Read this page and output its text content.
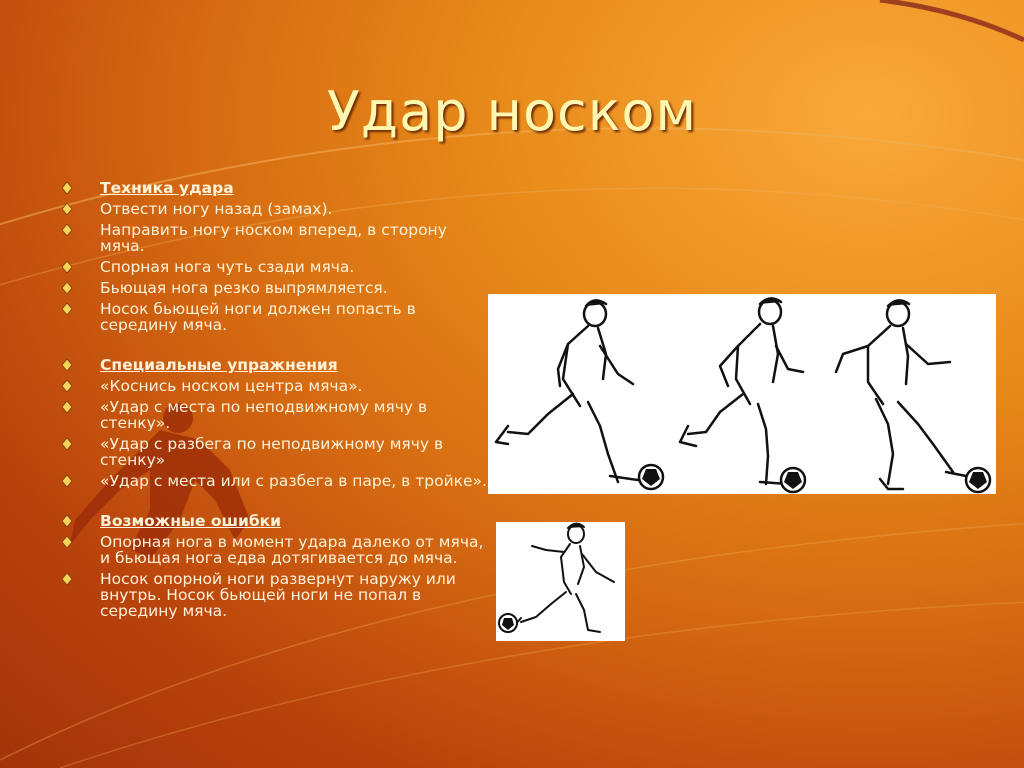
Удар носком
Техника удара
Отвести ногу назад (замах).
Направить ногу носком вперед, в сторону мяча.
Спорная нога чуть сзади мяча.
Бьющая нога резко выпрямляется.
Носок бьющей ноги должен попасть в середину мяча.
Специальные упражнения
«Коснись носком центра мяча».
«Удар с места по неподвижному мячу в стенку».
«Удар с разбега по неподвижному мячу в стенку»
«Удар с места или с разбега в паре, в тройке».
Возможные ошибки
Опорная нога в момент удара далеко от мяча, и бьющая нога едва дотягивается до мяча.
Носок опорной ноги развернут наружу или внутрь. Носок бьющей ноги не попал в середину мяча.
